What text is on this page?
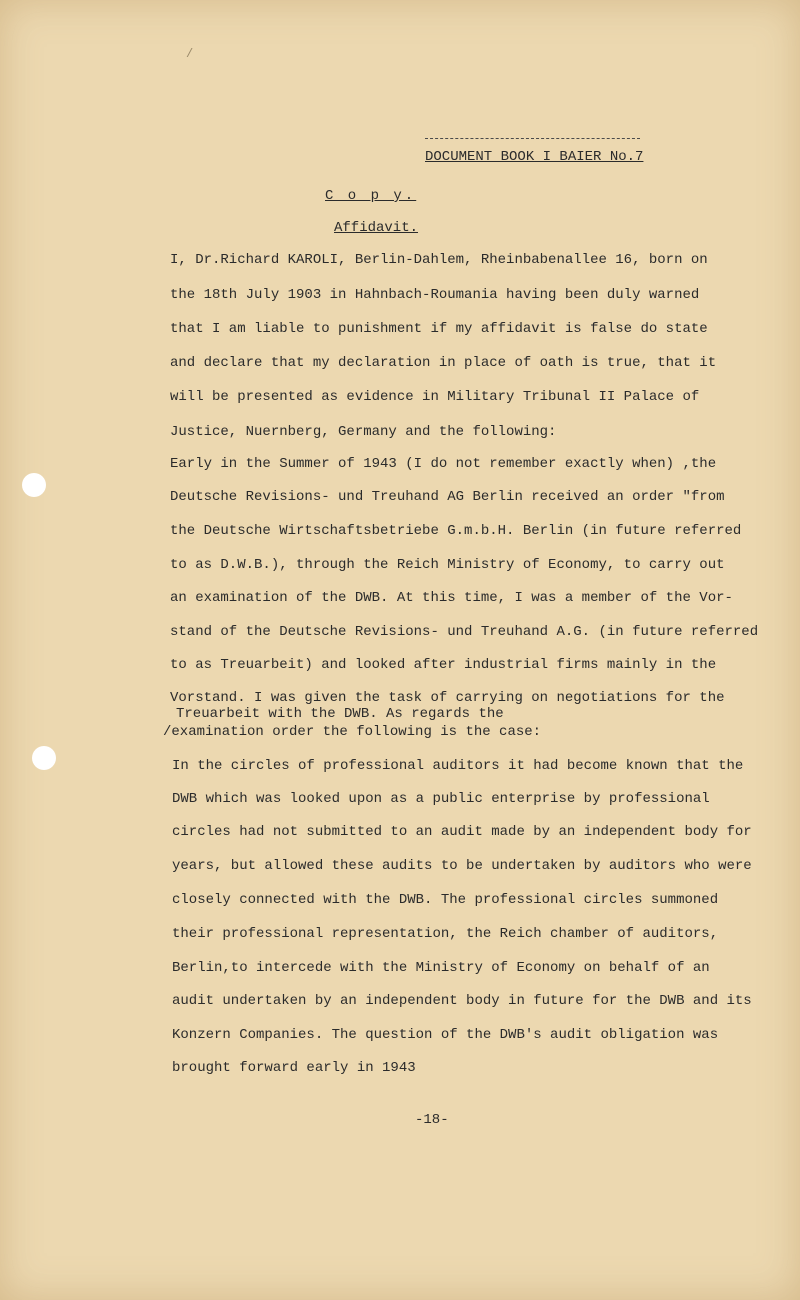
/
DOCUMENT BOOK I BAIER No.7
C o p y.
Affidavit.
I, Dr.Richard KAROLI, Berlin-Dahlem, Rheinbabenallee 16, born on
the 18th July 1903 in Hahnbach-Roumania having been duly warned
that I am liable to punishment if my affidavit is false do state
and declare that my declaration in place of oath is true, that it
will be presented as evidence in Military Tribunal II Palace of
Justice, Nuernberg, Germany and the following:
Early in the Summer of 1943 (I do not remember exactly when) ,the
Deutsche Revisions- und Treuhand AG Berlin received an order "from
the Deutsche Wirtschaftsbetriebe G.m.b.H. Berlin (in future referred
to as D.W.B.), through the Reich Ministry of Economy, to carry out
an examination of the DWB. At this time, I was a member of the Vor-
stand of the Deutsche Revisions- und Treuhand A.G. (in future referred
to as Treuarbeit) and looked after industrial firms mainly in the
Vorstand. I was given the task of carrying on negotiations for the
Treuarbeit with the DWB. As regards the
/examination order the following is the case:
In the circles of professional auditors it had become known that the
DWB which was looked upon as a public enterprise by professional
circles had not submitted to an audit made by an independent body for
years, but allowed these audits to be undertaken by auditors who were
closely connected with the DWB. The professional circles summoned
their professional representation, the Reich chamber of auditors,
Berlin,to intercede with the Ministry of Economy on behalf of an
audit undertaken by an independent body in future for the DWB and its
Konzern Companies. The question of the DWB's audit obligation was
brought forward early in 1943
-18-
